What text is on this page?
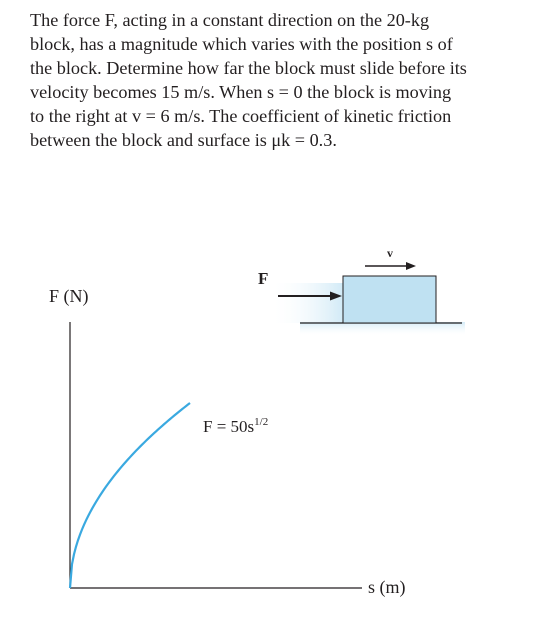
The force F, acting in a constant direction on the 20-kg
block, has a magnitude which varies with the position s of
the block. Determine how far the block must slide before its
velocity becomes 15 m/s. When s = 0 the block is moving
to the right at v = 6 m/s. The coefficient of kinetic friction
between the block and surface is μk = 0.3.
F (N)
s (m)
F
v
$F = 50s^{1/2}$
